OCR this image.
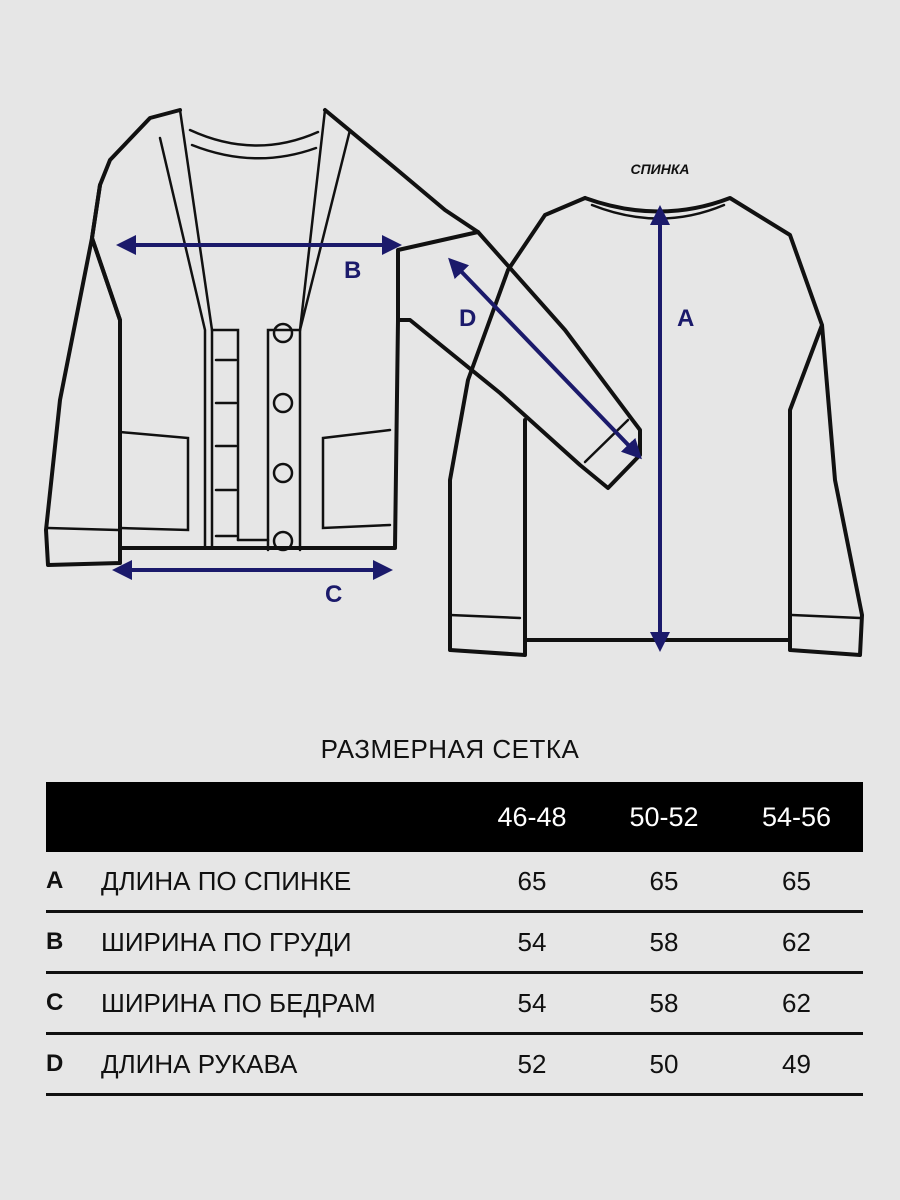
СПИНКА
B
C
D	A
РАЗМЕРНАЯ СЕТКА
		46-48	50-52	54-56
A	ДЛИНА ПО СПИНКЕ	65	65	65
B	ШИРИНА ПО ГРУДИ	54	58	62
C	ШИРИНА ПО БЕДРАМ	54	58	62
D	ДЛИНА РУКАВА	52	50	49
